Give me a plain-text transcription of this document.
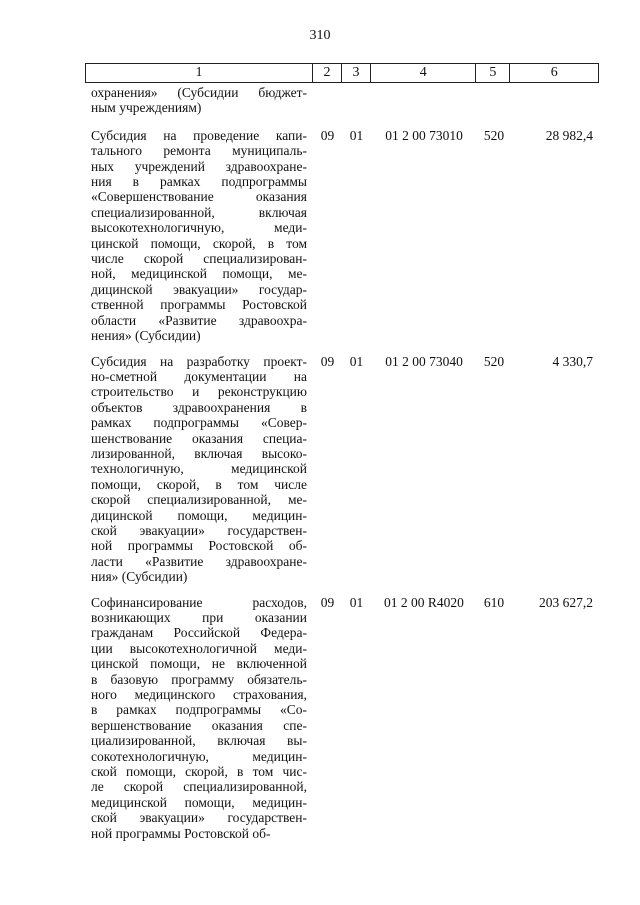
310
1	2	3	4	5	6
охранения» (Субсидии бюджет-
ным учреждениям)
Субсидия на проведение капи-
тального ремонта муниципаль-
ных учреждений здравоохране-
ния в рамках подпрограммы
«Совершенствование оказания
специализированной, включая
высокотехнологичную, меди-
цинской помощи, скорой, в том
числе скорой специализирован-
ной, медицинской помощи, ме-
дицинской эвакуации» государ-
ственной программы Ростовской
области «Развитие здравоохра-
нения» (Субсидии)
09	01	01 2 00 73010	520	28 982,4
Субсидия на разработку проект-
но-сметной документации на
строительство и реконструкцию
объектов здравоохранения в
рамках подпрограммы «Совер-
шенствование оказания специа-
лизированной, включая высоко-
технологичную, медицинской
помощи, скорой, в том числе
скорой специализированной, ме-
дицинской помощи, медицин-
ской эвакуации» государствен-
ной программы Ростовской об-
ласти «Развитие здравоохране-
ния» (Субсидии)
09	01	01 2 00 73040	520	4 330,7
Софинансирование расходов,
возникающих при оказании
гражданам Российской Федера-
ции высокотехнологичной меди-
цинской помощи, не включенной
в базовую программу обязатель-
ного медицинского страхования,
в рамках подпрограммы «Со-
вершенствование оказания спе-
циализированной, включая вы-
сокотехнологичную, медицин-
ской помощи, скорой, в том чис-
ле скорой специализированной,
медицинской помощи, медицин-
ской эвакуации» государствен-
ной программы Ростовской об-
09	01	01 2 00 R4020	610	203 627,2
